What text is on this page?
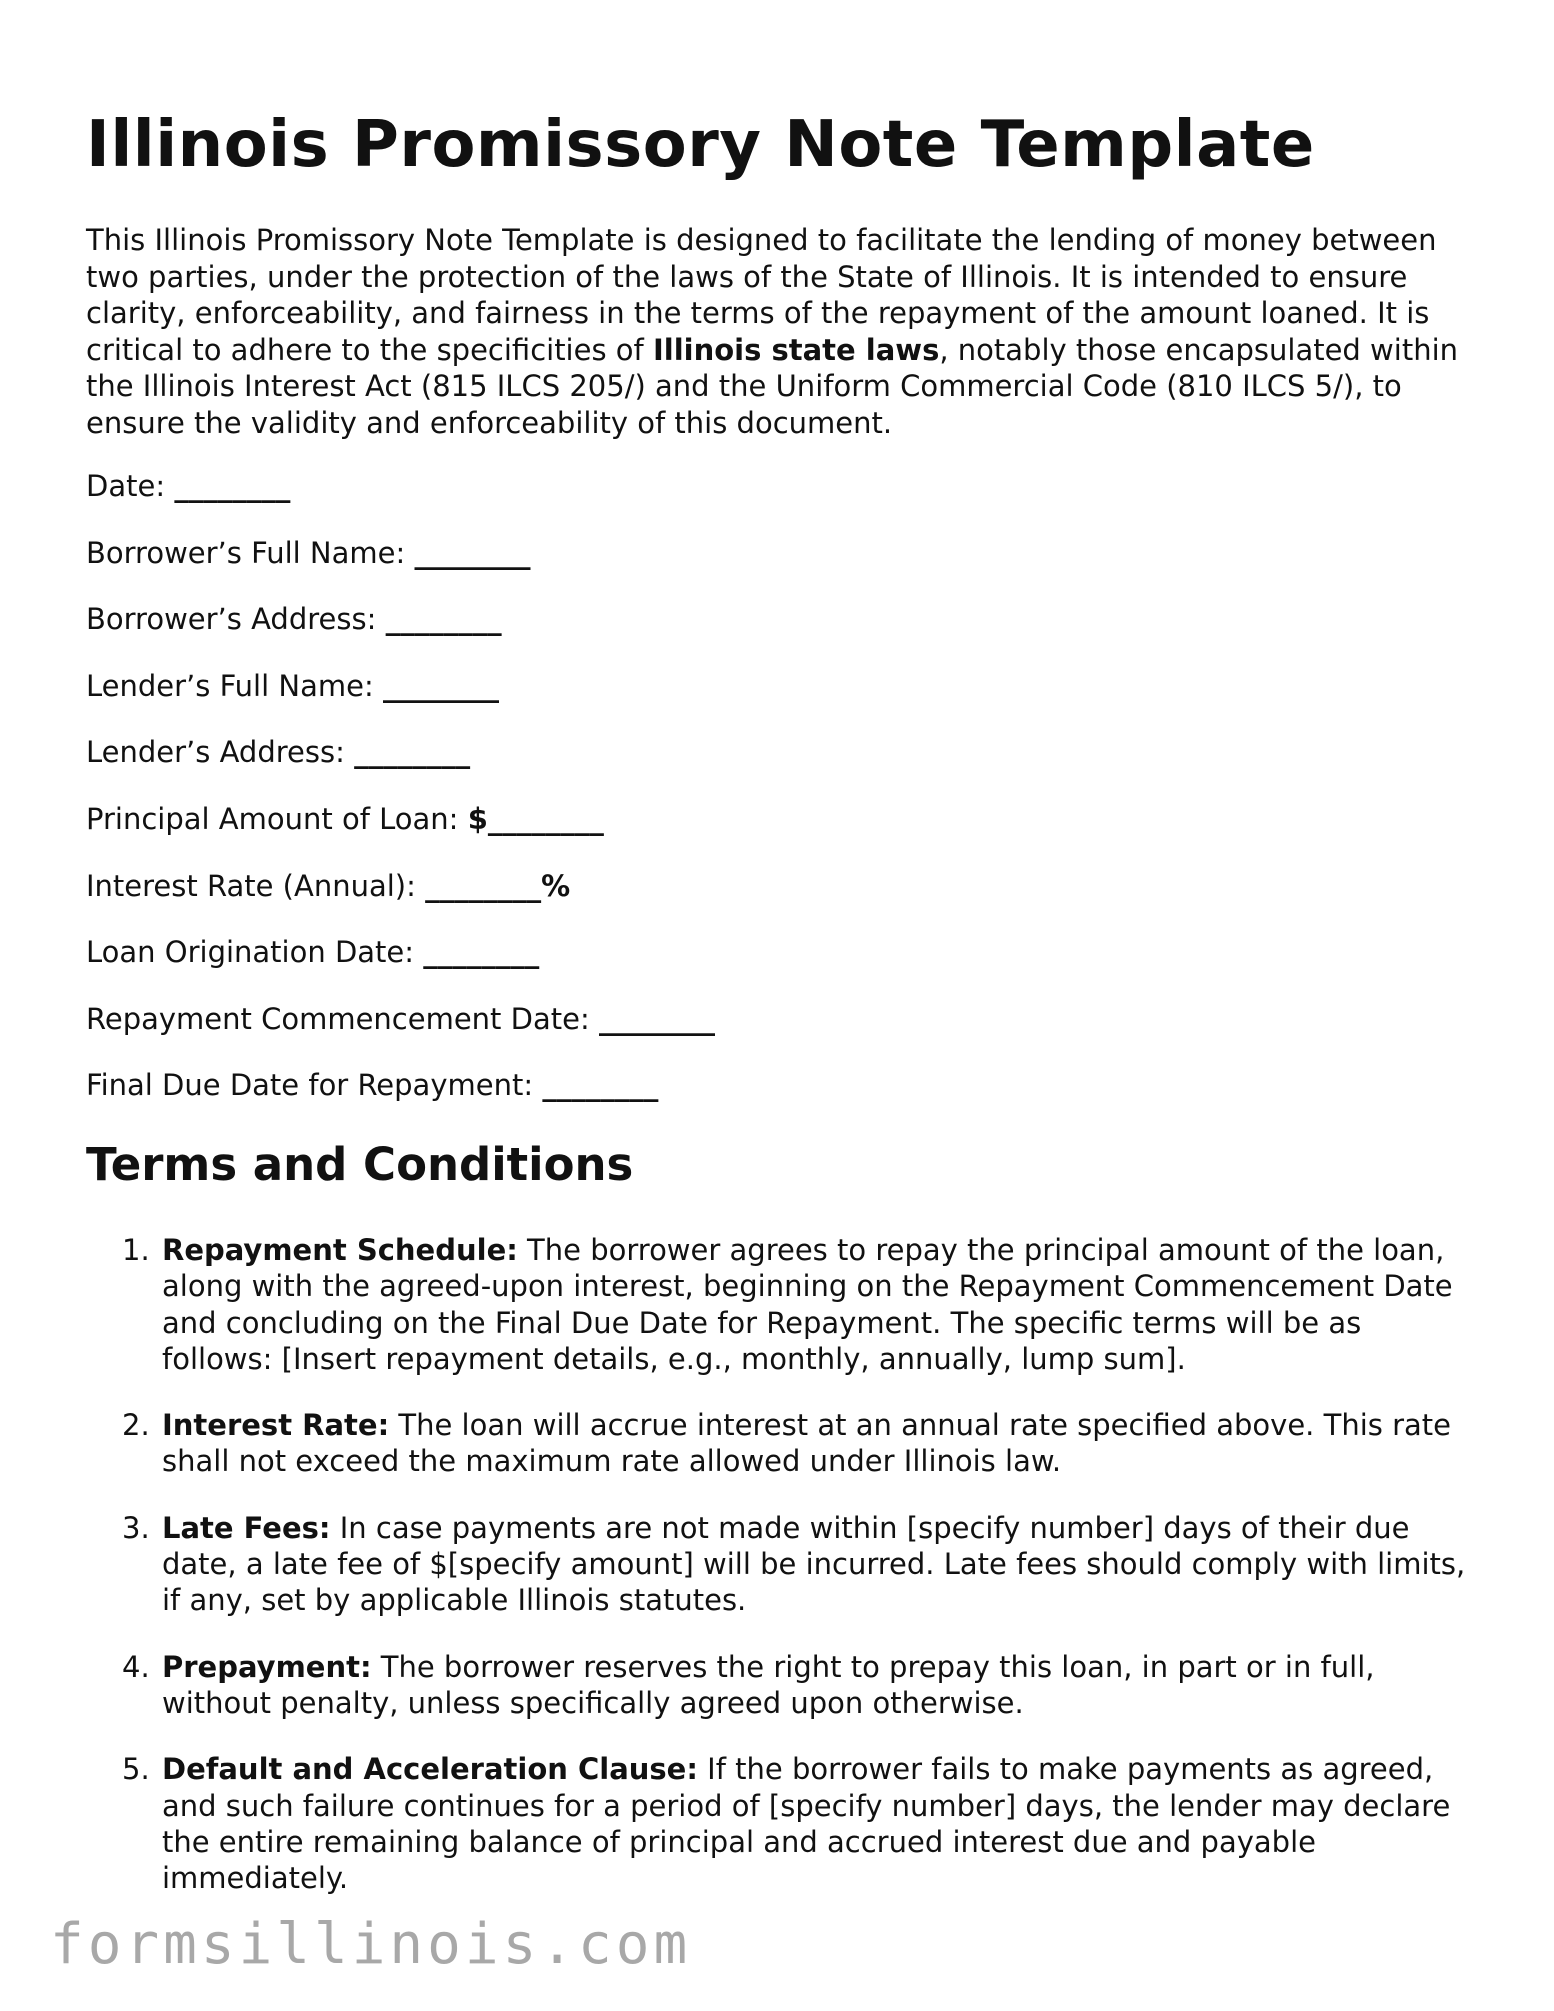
Illinois Promissory Note Template

This Illinois Promissory Note Template is designed to facilitate the lending of money between two parties, under the protection of the laws of the State of Illinois. It is intended to ensure clarity, enforceability, and fairness in the terms of the repayment of the amount loaned. It is critical to adhere to the specificities of Illinois state laws, notably those encapsulated within the Illinois Interest Act (815 ILCS 205/) and the Uniform Commercial Code (810 ILCS 5/), to ensure the validity and enforceability of this document.

Date: ________
Borrower’s Full Name: ________
Borrower’s Address: ________
Lender’s Full Name: ________
Lender’s Address: ________
Principal Amount of Loan: $________
Interest Rate (Annual): ________%
Loan Origination Date: ________
Repayment Commencement Date: ________
Final Due Date for Repayment: ________
Terms and Conditions
1. Repayment Schedule: The borrower agrees to repay the principal amount of the loan, along with the agreed-upon interest, beginning on the Repayment Commencement Date and concluding on the Final Due Date for Repayment. The specific terms will be as follows: [Insert repayment details, e.g., monthly, annually, lump sum].
2. Interest Rate: The loan will accrue interest at an annual rate specified above. This rate shall not exceed the maximum rate allowed under Illinois law.
3. Late Fees: In case payments are not made within [specify number] days of their due date, a late fee of $[specify amount] will be incurred. Late fees should comply with limits, if any, set by applicable Illinois statutes.
4. Prepayment: The borrower reserves the right to prepay this loan, in part or in full, without penalty, unless specifically agreed upon otherwise.
5. Default and Acceleration Clause: If the borrower fails to make payments as agreed, and such failure continues for a period of [specify number] days, the lender may declare the entire remaining balance of principal and accrued interest due and payable immediately.
formsillinois.com
